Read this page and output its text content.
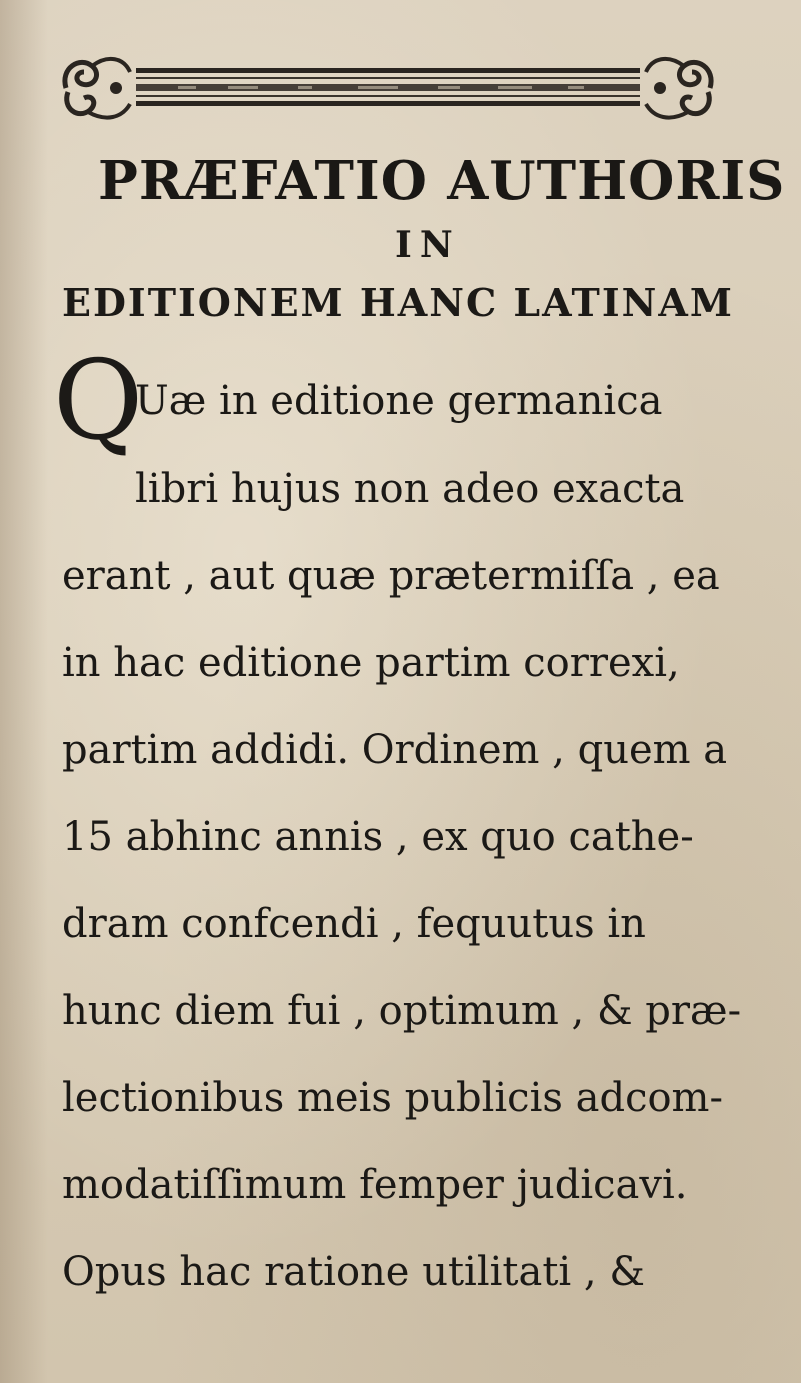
PRÆFATIO AUTHORIS
IN
EDITIONEM HANC LATINAM
Q

Uæ in editione germanica

libri hujus non adeo exacta

erant , aut quæ prætermiſſa , ea

in hac editione partim correxi,

partim addidi. Ordinem , quem a

15 abhinc annis , ex quo cathe-

dram confcendi , fequutus in

hunc diem fui , optimum , & præ-

lectionibus meis publicis adcom-

modatiſſimum femper judicavi.

Opus hac ratione utilitati , &
